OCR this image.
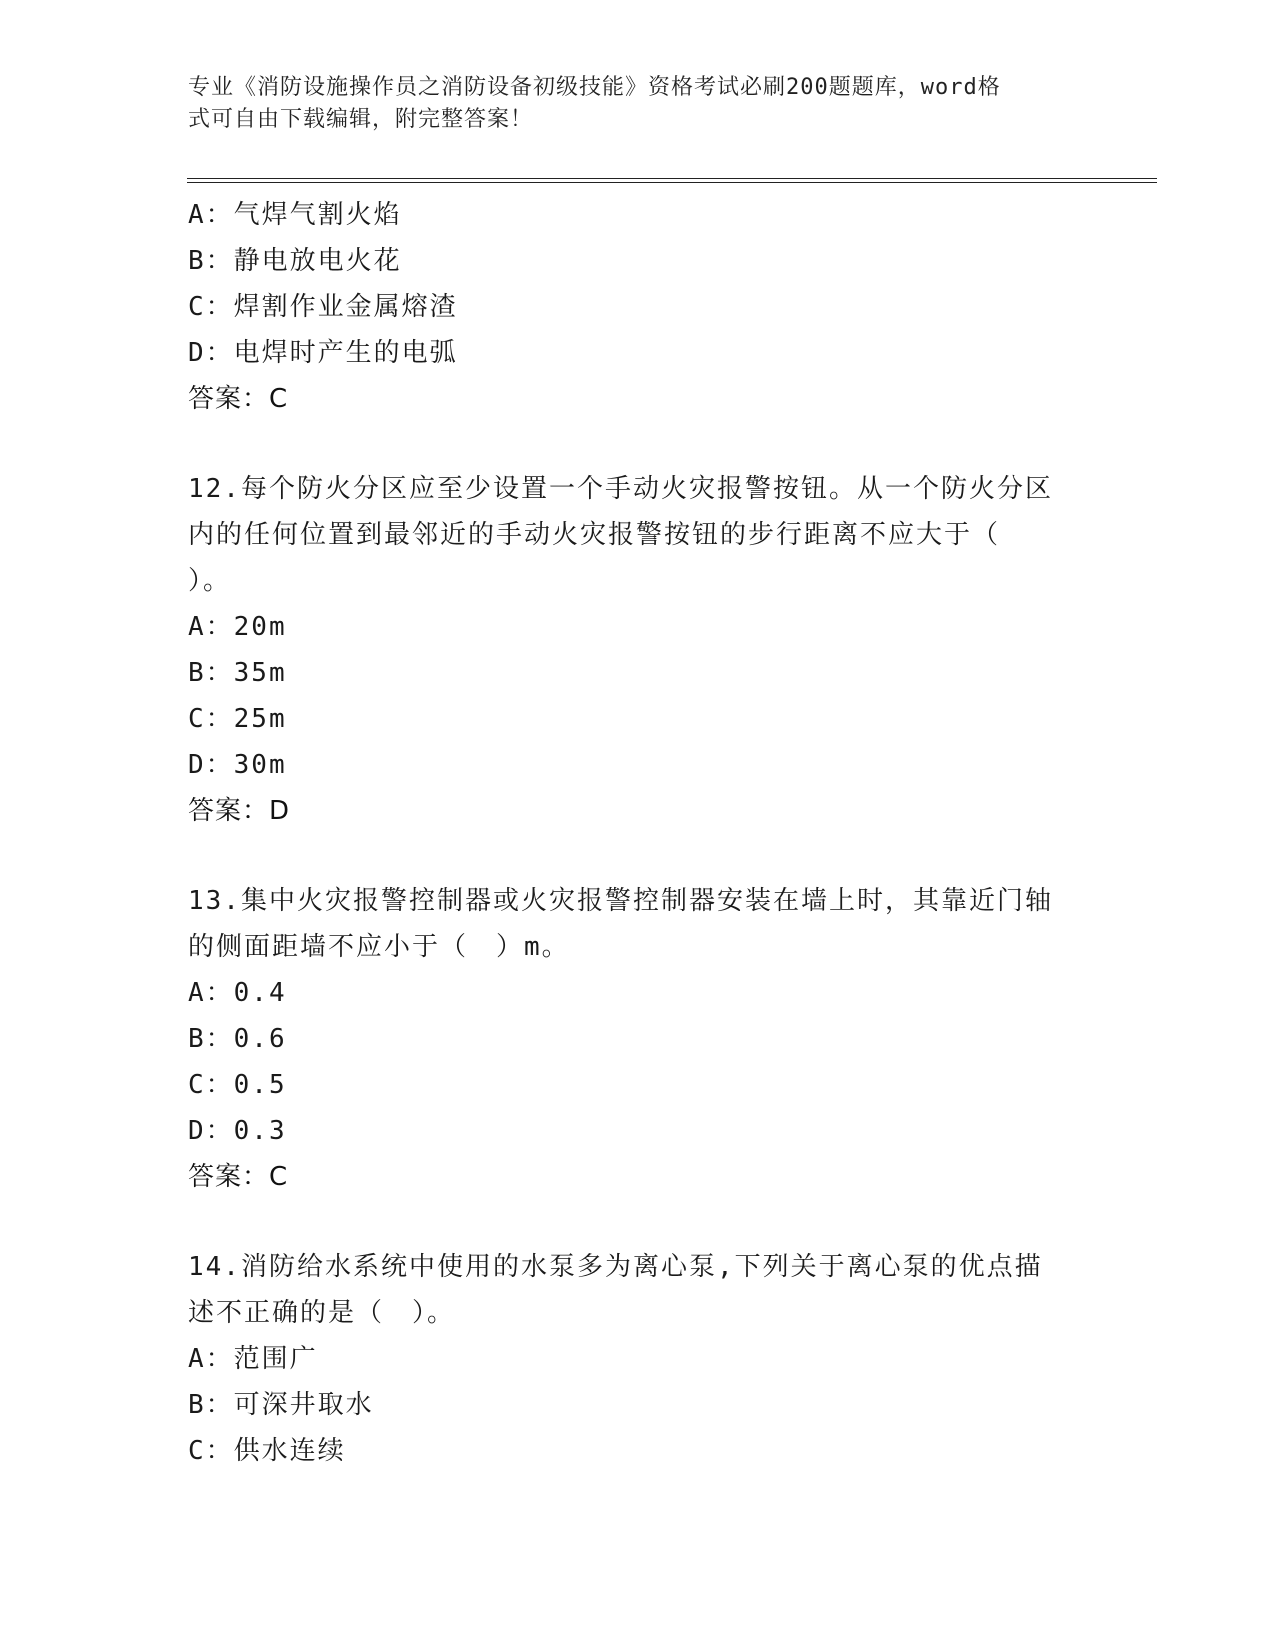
专业《消防设施操作员之消防设备初级技能》资格考试必刷200题题库，word格
式可自由下载编辑，附完整答案！
A：气焊气割火焰
B：静电放电火花
C：焊割作业金属熔渣
D：电焊时产生的电弧
答案：C
12.每个防火分区应至少设置一个手动火灾报警按钮。从一个防火分区
内的任何位置到最邻近的手动火灾报警按钮的步行距离不应大于（
）。
A：20m
B：35m
C：25m
D：30m
答案：D
13.集中火灾报警控制器或火灾报警控制器安装在墙上时，其靠近门轴
的侧面距墙不应小于（　）m。
A：0.4
B：0.6
C：0.5
D：0.3
答案：C
14.消防给水系统中使用的水泵多为离心泵,下列关于离心泵的优点描
述不正确的是（　）。
A：范围广
B：可深井取水
C：供水连续
